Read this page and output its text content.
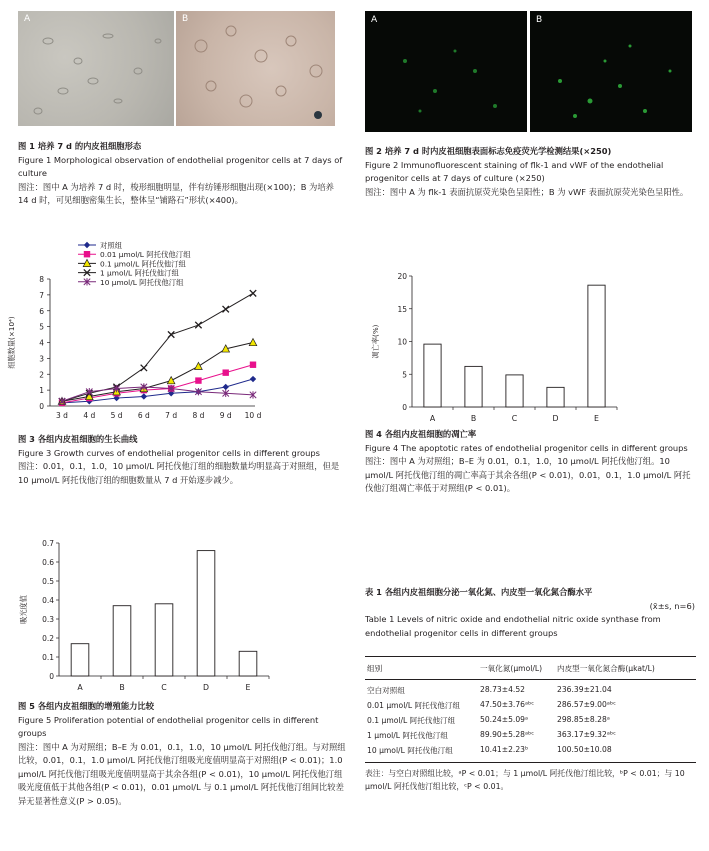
A	B
图 1 培养 7 d 的内皮祖细胞形态
Figure 1 Morphological observation of endothelial progenitor cells at 7 days of culture
图注：图中 A 为培养 7 d 时，梭形细胞明显，伴有纺锤形细胞出现(×100)；B 为培养 14 d 时，可见细胞密集生长，整体呈“铺路石”形状(×400)。
A	B
图 2 培养 7 d 时内皮祖细胞表面标志免疫荧光学检测结果(×250)
Figure 2 Immunofluorescent staining of flk-1 and vWF of the endothelial progenitor cells at 7 days of culture (×250)
图注：图中 A 为 flk-1 表面抗原荧光染色呈阳性；B 为 vWF 表面抗原荧光染色呈阳性。
0
1
2
3
4
5
6
7
8
3 d 4 d 5 d 6 d 7 d 8 d 9 d 10 d
细胞数量(×10⁴)
对照组
0.01 μmol/L 阿托伐他汀组
0.1 μmol/L 阿托伐他汀组
1 μmol/L 阿托伐他汀组
10 μmol/L 阿托伐他汀组
图 3 各组内皮祖细胞的生长曲线
Figure 3 Growth curves of endothelial progenitor cells in different groups
图注：0.01，0.1，1.0，10 μmol/L 阿托伐他汀组的细胞数量均明显高于对照组，但是 10 μmol/L 阿托伐他汀组的细胞数量从 7 d 开始逐步减少。
0
5
10
15
20
A	B	C	D	E
凋亡率(%)
图 4 各组内皮祖细胞的凋亡率
Figure 4 The apoptotic rates of endothelial progenitor cells in different groups
图注：图中 A 为对照组；B–E 为 0.01，0.1，1.0，10 μmol/L 阿托伐他汀组。10 μmol/L 阿托伐他汀组的凋亡率高于其余各组(P < 0.01)，0.01，0.1，1.0 μmol/L 阿托伐他汀组凋亡率低于对照组(P < 0.01)。
0
0.1
0.2
0.3
0.4
0.5
0.6
0.7
A	B	C	D	E
吸光度值
图 5 各组内皮祖细胞的增殖能力比较
Figure 5 Proliferation potential of endothelial progenitor cells in different groups
图注：图中 A 为对照组；B–E 为 0.01，0.1，1.0，10 μmol/L 阿托伐他汀组。与对照组比较，0.01，0.1，1.0 μmol/L 阿托伐他汀组吸光度值明显高于对照组(P < 0.01)；1.0 μmol/L 阿托伐他汀组吸光度值明显高于其余各组(P < 0.01)，10 μmol/L 阿托伐他汀组吸光度值低于其他各组(P < 0.01)，0.01 μmol/L 与 0.1 μmol/L 阿托伐他汀组间比较差异无显著性意义(P > 0.05)。
表 1 各组内皮祖细胞分泌一氧化氮、内皮型一氧化氮合酶水平
(x̄±s, n=6)
Table 1 Levels of nitric oxide and endothelial nitric oxide synthase from endothelial progenitor cells in different groups
组别	一氧化氮(μmol/L) 内皮型一氧化氮合酶(μkat/L)
空白对照组	28.73±4.52	236.39±21.04
0.01 μmol/L 阿托伐他汀组	47.50±3.76ᵃᵇᶜ	286.57±9.00ᵃᵇᶜ
0.1 μmol/L 阿托伐他汀组	50.24±5.09ᵃ	298.85±8.28ᵃ
1 μmol/L 阿托伐他汀组	89.90±5.28ᵃᵇᶜ	363.17±9.32ᵃᵇᶜ
10 μmol/L 阿托伐他汀组	10.41±2.23ᵇ	100.50±10.08
表注：与空白对照组比较，ᵃP < 0.01；与 1 μmol/L 阿托伐他汀组比较，ᵇP < 0.01；与 10 μmol/L 阿托伐他汀组比较，ᶜP < 0.01。
